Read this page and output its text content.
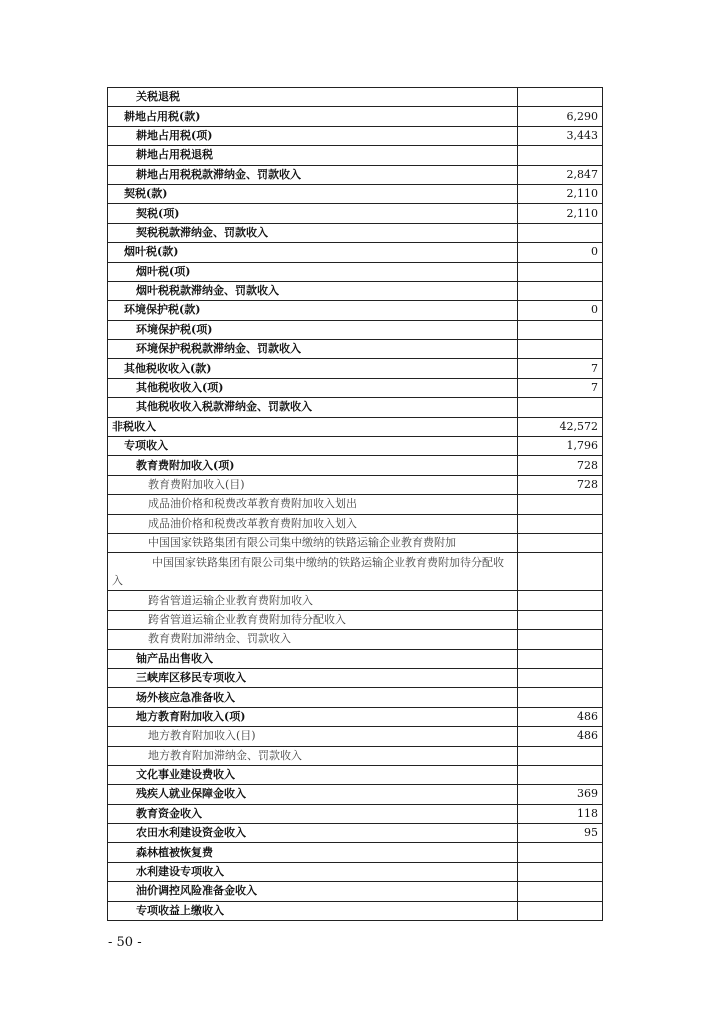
关税退税	
耕地占用税(款)	6,290
耕地占用税(项)	3,443
耕地占用税退税	
耕地占用税税款滞纳金、罚款收入	2,847
契税(款)	2,110
契税(项)	2,110
契税税款滞纳金、罚款收入	
烟叶税(款)	0
烟叶税(项)	
烟叶税税款滞纳金、罚款收入	
环境保护税(款)	0
环境保护税(项)	
环境保护税税款滞纳金、罚款收入	
其他税收收入(款)	7
其他税收收入(项)	7
其他税收收入税款滞纳金、罚款收入	
非税收入	42,572
专项收入	1,796
教育费附加收入(项)	728
教育费附加收入(目)	728
成品油价格和税费改革教育费附加收入划出	
成品油价格和税费改革教育费附加收入划入	
中国国家铁路集团有限公司集中缴纳的铁路运输企业教育费附加	
中国国家铁路集团有限公司集中缴纳的铁路运输企业教育费附加待分配收入	
跨省管道运输企业教育费附加收入	
跨省管道运输企业教育费附加待分配收入	
教育费附加滞纳金、罚款收入	
铀产品出售收入	
三峡库区移民专项收入	
场外核应急准备收入	
地方教育附加收入(项)	486
地方教育附加收入(目)	486
地方教育附加滞纳金、罚款收入	
文化事业建设费收入	
残疾人就业保障金收入	369
教育资金收入	118
农田水利建设资金收入	95
森林植被恢复费	
水利建设专项收入	
油价调控风险准备金收入	
专项收益上缴收入	
- 50 -
